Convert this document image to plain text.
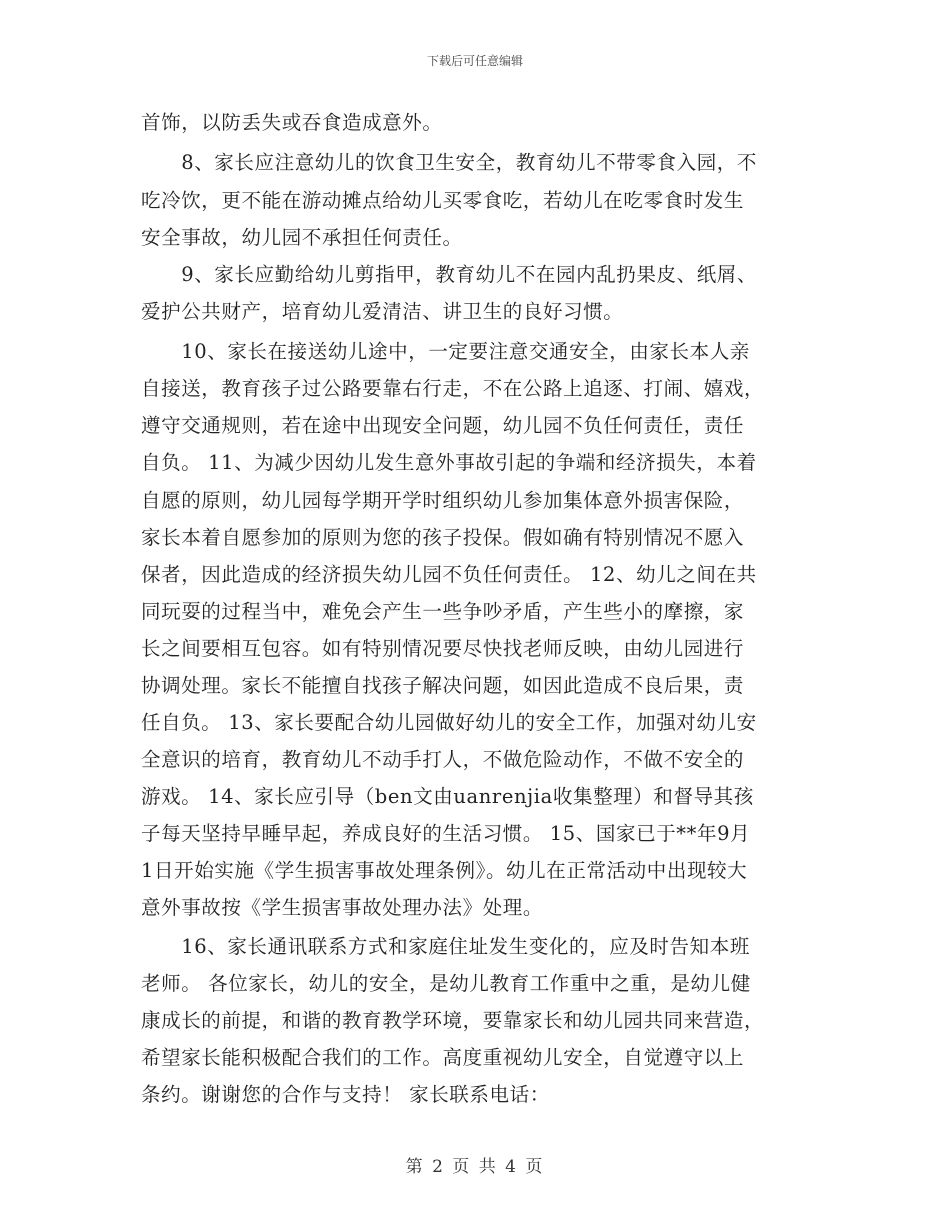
下载后可任意编辑
首饰，以防丢失或吞食造成意外。
　　8、家长应注意幼儿的饮食卫生安全，教育幼儿不带零食入园，不
吃冷饮，更不能在游动摊点给幼儿买零食吃，若幼儿在吃零食时发生
安全事故，幼儿园不承担任何责任。
　　9、家长应勤给幼儿剪指甲，教育幼儿不在园内乱扔果皮、纸屑、
爱护公共财产，培育幼儿爱清洁、讲卫生的良好习惯。
　　10、家长在接送幼儿途中，一定要注意交通安全，由家长本人亲
自接送，教育孩子过公路要靠右行走，不在公路上追逐、打闹、嬉戏，
遵守交通规则，若在途中出现安全问题，幼儿园不负任何责任，责任
自负。 11、为减少因幼儿发生意外事故引起的争端和经济损失，本着
自愿的原则，幼儿园每学期开学时组织幼儿参加集体意外损害保险，
家长本着自愿参加的原则为您的孩子投保。假如确有特别情况不愿入
保者，因此造成的经济损失幼儿园不负任何责任。 12、幼儿之间在共
同玩耍的过程当中，难免会产生一些争吵矛盾，产生些小的摩擦，家
长之间要相互包容。如有特别情况要尽快找老师反映，由幼儿园进行
协调处理。家长不能擅自找孩子解决问题，如因此造成不良后果，责
任自负。 13、家长要配合幼儿园做好幼儿的安全工作，加强对幼儿安
全意识的培育，教育幼儿不动手打人，不做危险动作，不做不安全的
游戏。 14、家长应引导（ben文由uanrenjia收集整理）和督导其孩
子每天坚持早睡早起，养成良好的生活习惯。 15、国家已于**年9月
1日开始实施《学生损害事故处理条例》。幼儿在正常活动中出现较大
意外事故按《学生损害事故处理办法》处理。
　　16、家长通讯联系方式和家庭住址发生变化的，应及时告知本班
老师。 各位家长，幼儿的安全，是幼儿教育工作重中之重，是幼儿健
康成长的前提，和谐的教育教学环境，要靠家长和幼儿园共同来营造，
希望家长能积极配合我们的工作。高度重视幼儿安全，自觉遵守以上
条约。谢谢您的合作与支持！ 家长联系电话：
第 2 页 共 4 页
